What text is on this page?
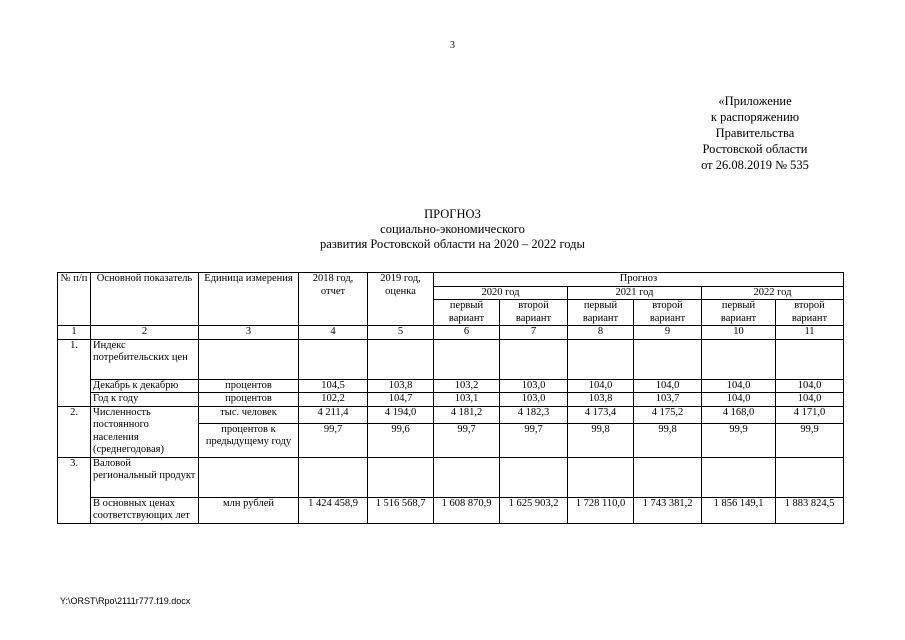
3
«Приложение
к распоряжению
Правительства
Ростовской области
от 26.08.2019 № 535
ПРОГНОЗ
социально-экономического
развития Ростовской области на 2020 – 2022 годы
№ п/п	Основной показатель	Единица измерения	2018 год, отчет	2019 год, оценка	Прогноз					
					2020 год		2021 год		2022 год	
					первый вариант	второй вариант	первый вариант	второй вариант	первый вариант	второй вариант
1	2	3	4	5	6	7	8	9	10	11
1.	Индекс потребительских цен									
	Декабрь к декабрю	процентов	104,5	103,8	103,2	103,0	104,0	104,0	104,0	104,0
	Год к году	процентов	102,2	104,7	103,1	103,0	103,8	103,7	104,0	104,0
2.	Численность постоянного населения (среднегодовая)	тыс. человек	4 211,4	4 194,0	4 181,2	4 182,3	4 173,4	4 175,2	4 168,0	4 171,0
		процентов к предыдущему году	99,7	99,6	99,7	99,7	99,8	99,8	99,9	99,9
3.	Валовой региональный продукт									
	В основных ценах соответствующих лет	млн рублей	1 424 458,9	1 516 568,7	1 608 870,9	1 625 903,2	1 728 110,0	1 743 381,2	1 856 149,1	1 883 824,5
Y:\ORST\Rpo\2111r777.f19.docx
